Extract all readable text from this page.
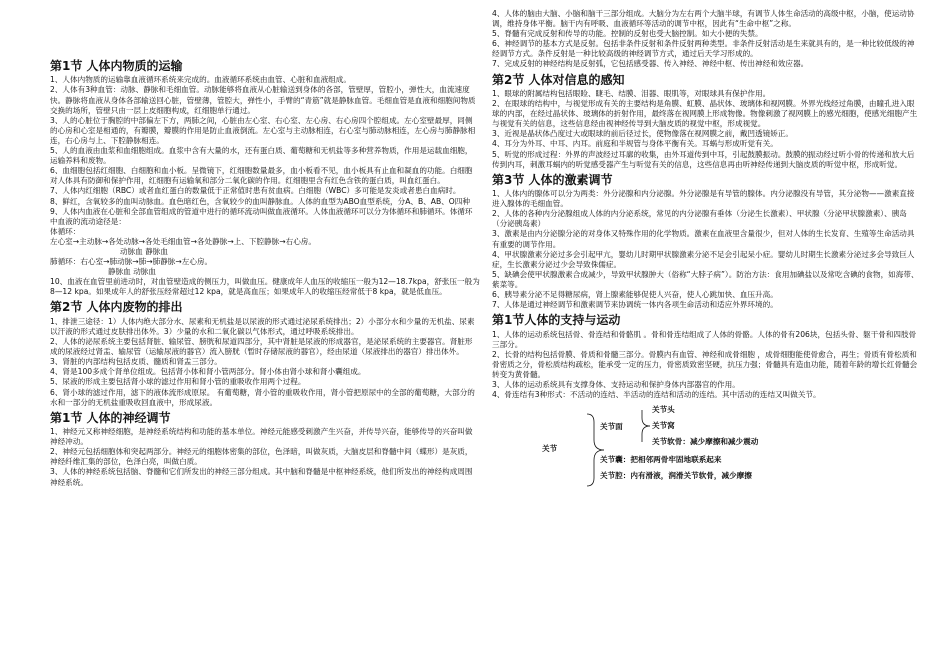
第1节 人体内物质的运输

1、人体内物质的运输靠血液循环系统来完成的。血液循环系统由血管、心脏和血液组成。

2、人体有3种血管：动脉、静脉和毛细血管。动脉能够将血液从心脏输送到身体的各部，管壁厚，管腔小，弹性大，血流速度快。静脉将血液从身体各部输送回心脏，管壁薄，管腔大，弹性小，手臂的“青筋”就是静脉血管。毛细血管是血液和细胞间物质交换的场所，管壁只由一层上皮细胞构成，红细胞单行通过。

3、人的心脏位于胸腔的中部偏左下方，两肺之间，心脏由左心室、右心室、左心房、右心房四个腔组成。左心室壁最厚，同侧的心房和心室是相通的，有瓣膜，瓣膜的作用是防止血液倒流。左心室与主动脉相连，右心室与肺动脉相连，左心房与肺静脉相连，右心房与上、下腔静脉相连。

5、人的血液由血浆和血细胞组成。血浆中含有大量的水，还有蛋白质、葡萄糖和无机盐等多种营养物质，作用是运载血细胞，运输养料和废物。

6、血细胞包括红细胞、白细胞和血小板。呈微镜下，红细胞数量最多，血小板看不见，血小板具有止血和凝血的功能。白细胞对人体具有防御和保护作用，红细胞有运输氧和部分二氧化碳的作用。红细胞里含有红色含铁的蛋白质，叫血红蛋白。

7、人体内红细胞（RBC）或者血红蛋白的数量低于正常值时患有贫血病。白细胞（WBC）多可能是发炎或者患白血病时。

8、鲜红，含氧较多的血叫动脉血。血色暗红色，含氧较少的血叫静脉血。人体的血型为ABO血型系统，分A、B、AB、O四种

9、人体内血液在心脏和全部血管组成的管道中进行的循环流动叫做血液循环。人体血液循环可以分为体循环和肺循环。体循环中血液的流动途径是：

体循环：
左心室→主动脉→各处动脉→各处毛细血管→各处静脉→上、下腔静脉→右心房。
动脉血 静脉血
肺循环：右心室→肺动脉→肺→肺静脉→左心房。
静脉血 动脉血

10、血液在血管里前进动时，对血管壁造成的侧压力，叫做血压。健康成年人血压的收缩压一般为12—18.7kpa，舒张压一般为8—12 kpa。如果成年人的舒张压经常超过12 kpa，就是高血压；如果成年人的收缩压经常低于8 kpa，就是低血压。

第2节 人体内废物的排出

1、排泄三途径：1）人体内绝大部分水、尿素和无机盐是以尿液的形式通过泌尿系统排出；2）小部分水和少量的无机盐、尿素以汗液的形式通过皮肤排出体外。3）少量的水和二氧化碳以气体形式，通过呼吸系统排出。

2、人体的泌尿系统主要包括肾脏、输尿管、膀胱和尿道四部分，其中肾脏是尿液的形成器官，是泌尿系统的主要器官。肾脏形成的尿液经过肾盂、输尿管（运输尿液的器官）流入膀胱（暂时存储尿液的器官），经由尿道（尿液排出的器官）排出体外。

3、肾脏的内部结构包括皮质、髓质和肾盂三部分。

4、肾是100多成个肾单位组成。包括肾小体和肾小管两部分。肾小体由肾小球和肾小囊组成。

5、尿液的形成主要包括肾小球的滤过作用和肾小管的重吸收作用两个过程。

6、肾小球的滤过作用，滤下的液体流形成原尿。 有葡萄糖，肾小管的重吸收作用，肾小管把原尿中的全部的葡萄糖，大部分的水和一部分的无机盐重吸收回血液中，形成尿液。

第1节 人体的神经调节

1、神经元又称神经细胞，是神经系统结构和功能的基本单位。神经元能感受刺激产生兴奋，并传导兴奋，能够传导的兴奋叫做神经冲动。

2、神经元包括细胞体和突起两部分。神经元的细胞体密集的部位，色泽暗，叫做灰质，大脑皮层和脊髓中间（蝶形）是灰质，神经纤维汇集的部位，色泽白亮，叫做白质。

3、人体的神经系统包括脑、脊髓和它们所发出的神经三部分组成。其中脑和脊髓是中枢神经系统，他们所发出的神经构成周围神经系统。

4、人体的脑由大脑、小脑和脑干三部分组成。大脑分为左右两个大脑半球，有调节人体生命活动的高级中枢，小脑，使运动协调，维持身体平衡。脑干内有呼吸、血液循环等活动的调节中枢，因此有“生命中枢”之称。

5、脊髓有完成反射和传导的功能。控制的反射也受大脑控制。如大小便的失禁。

6、神经调节的基本方式是反射。包括非条件反射和条件反射两种类型。非条件反射活动是生来就具有的，是一种比较低级的神经调节方式。条件反射是一种比较高级的神经调节方式，通过后天学习形成的。

7、完成反射的神经结构是反射弧，它包括感受器、传入神经、神经中枢、传出神经和效应器。

第2节 人体对信息的感知

1、眼球的附属结构包括眼睑、睫毛、结膜、泪器、眼肌等，对眼球具有保护作用。

2、在眼球的结构中，与视觉形成有关的主要结构是角膜、虹膜、晶状体、玻璃体和视网膜。外界光线经过角膜，由瞳孔进入眼球的内部，在经过晶状体、玻璃体的折射作用，最终落在视网膜上形成物像。物像刺激了视网膜上的感光细胞，使感光细胞产生与视觉有关的信息，这些信息经由视神经传导到大脑皮质的视觉中枢，形成视觉。

3、近视是晶状体凸度过大或眼球的前后径过长，使物像落在视网膜之前，戴凹透镜矫正。

4、耳分为外耳、中耳、内耳。前庭和半规管与身体平衡有关。耳蜗与形成听觉有关。

5、听觉的形成过程：外界的声波经过耳廓的收集，由外耳道传到中耳，引起鼓膜振动。鼓膜的振动经过听小骨的传递和放大后传到内耳，刺激耳蜗内的听觉感受器产生与听觉有关的信息，这些信息再由听神经传递到大脑皮质的听觉中枢，形成听觉。

第3节 人体的激素调节

1、人体内的腺体可以分为两类：外分泌腺和内分泌腺。外分泌腺是有导管的腺体。内分泌腺没有导管，其分泌物——激素直接进入腺体的毛细血管。

2、人体的各种内分泌腺组成人体的内分泌系统，常见的内分泌腺有垂体（分泌生长激素）、甲状腺（分泌甲状腺激素）、胰岛（分泌胰岛素）

3、激素是由内分泌腺分泌的对身体又特殊作用的化学物质。激素在血液里含量很少，但对人体的生长发育、生殖等生命活动具有重要的调节作用。

4、甲状腺激素分泌过多会引起甲亢，婴幼儿时期甲状腺激素分泌不足会引起呆小症。婴幼儿时期生长激素分泌过多会导致巨人症，生长激素分泌过少会导致侏儒症。

5、缺碘会使甲状腺激素合成减少，导致甲状腺肿大（俗称“大脖子病”）。防治方法：食用加碘盐以及常吃含碘的食物，如海带、紫菜等。

6、胰导素分泌不足得糖尿病，肾上腺素能够促使人兴奋，使人心跳加快、血压升高。

7、人体是通过神经调节和激素调节来协调统一体内各项生命活动和适应外界环境的。

第1节人体的支持与运动

1、人体的运动系统包括骨、骨连结和骨骼肌 。骨和骨连结组成了人体的骨骼。人体的骨有206块，包括头骨、躯干骨和四肢骨三部分。

2、长骨的结构包括骨膜、骨质和骨髓三部分。骨膜内有血管、神经和成骨细胞 ，成骨细胞能使骨愈合，再生；骨质有骨松质和骨密质之分，骨松质结构疏松，能承受一定的压力，骨密质致密坚硬，抗压力强；骨髓具有造血功能，随着年龄的增长红骨髓会转变为黄骨髓。

3、人体的运动系统具有支撑身体、支持运动和保护身体内部器官的作用。

4、骨连结有3种形式：不活动的连结、半活动的连结和活动的连结。其中活动的连结又叫做关节。

关节
关节面
关节头
关节窝
关节软骨：减少摩擦和减少震动
关节囊：把相邻两骨牢固地联系起来
关节腔：内有滑液，润滑关节软骨，减少摩擦
